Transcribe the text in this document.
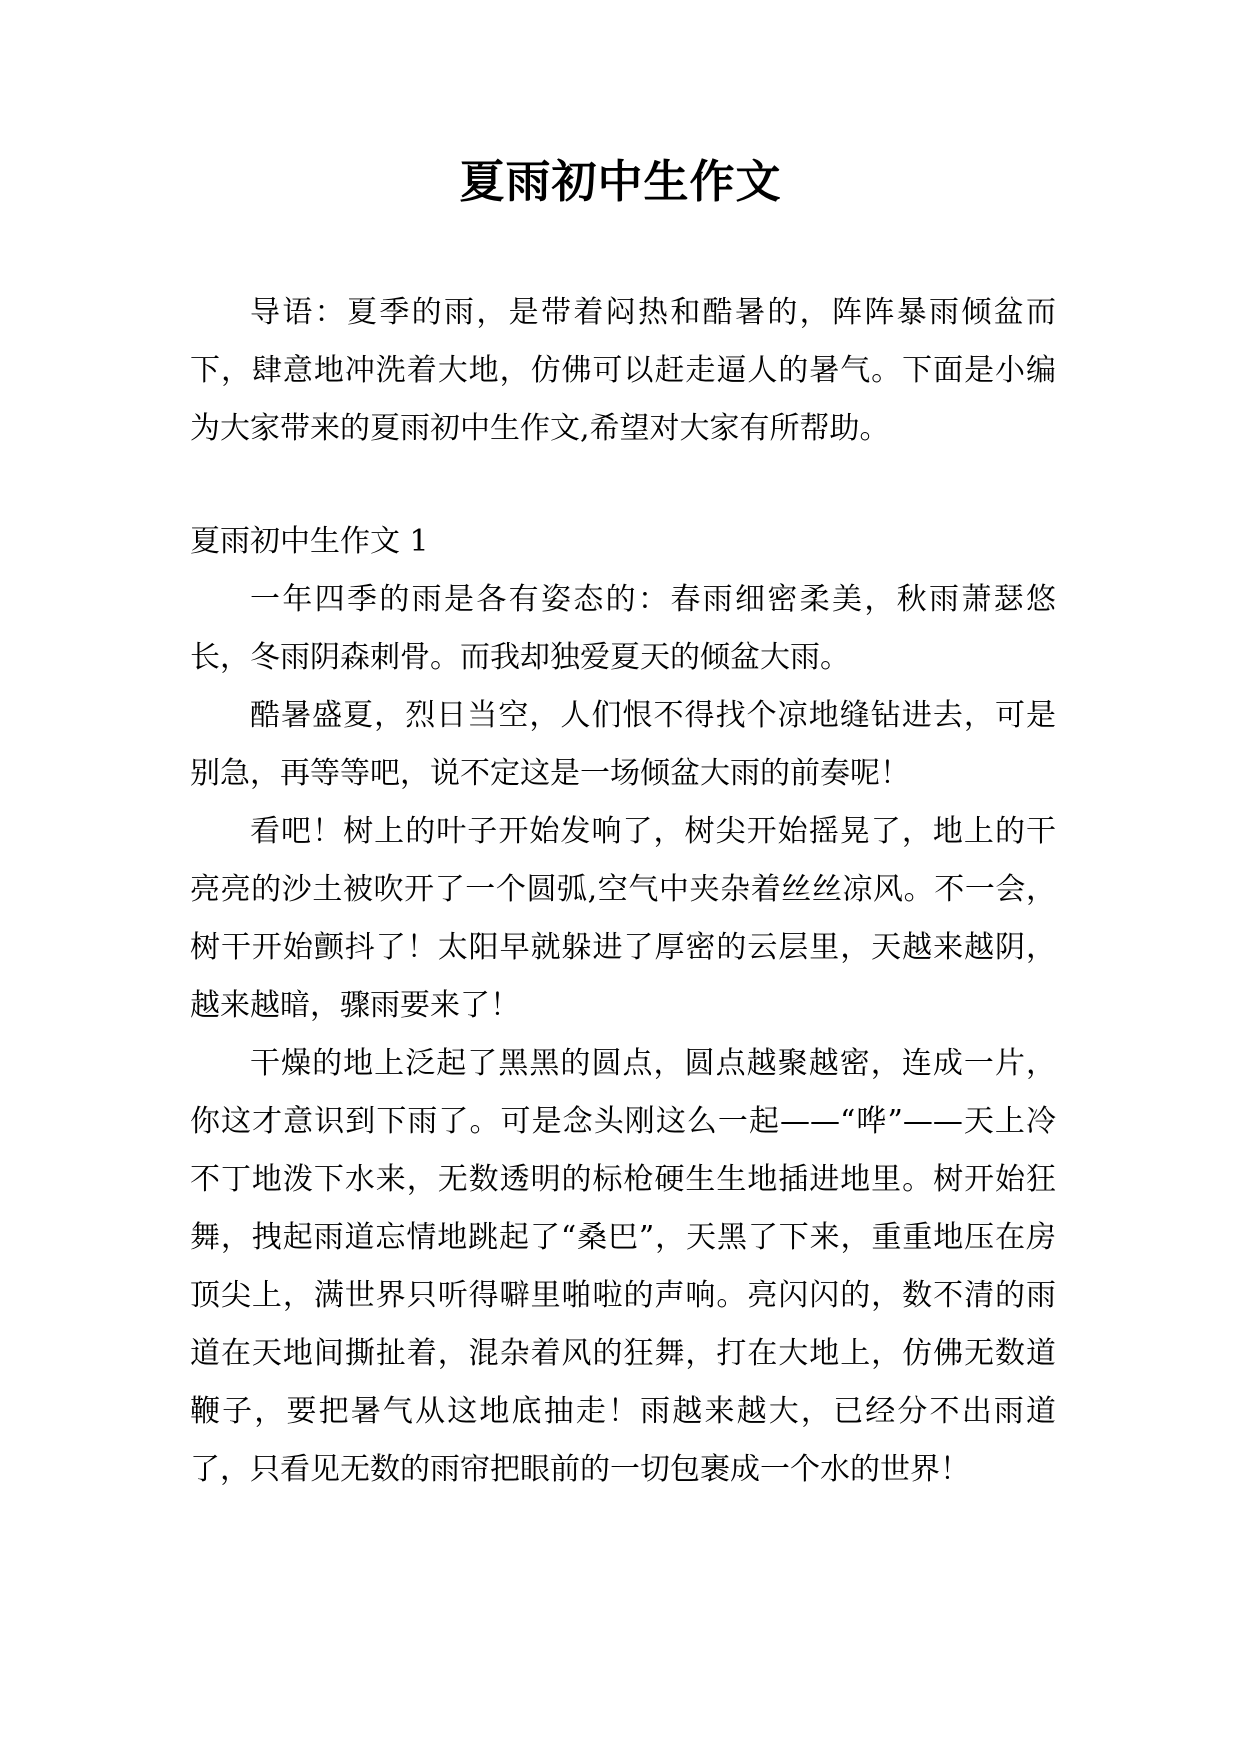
夏雨初中生作文

导语：夏季的雨，是带着闷热和酷暑的，阵阵暴雨倾盆而下，肆意地冲洗着大地，仿佛可以赶走逼人的暑气。下面是小编为大家带来的夏雨初中生作文,希望对大家有所帮助。

夏雨初中生作文 1

一年四季的雨是各有姿态的：春雨细密柔美，秋雨萧瑟悠长，冬雨阴森刺骨。而我却独爱夏天的倾盆大雨。

酷暑盛夏，烈日当空，人们恨不得找个凉地缝钻进去，可是别急，再等等吧，说不定这是一场倾盆大雨的前奏呢！

看吧！树上的叶子开始发响了，树尖开始摇晃了，地上的干亮亮的沙土被吹开了一个圆弧,空气中夹杂着丝丝凉风。不一会，树干开始颤抖了！太阳早就躲进了厚密的云层里，天越来越阴，越来越暗，骤雨要来了！

干燥的地上泛起了黑黑的圆点，圆点越聚越密，连成一片，你这才意识到下雨了。可是念头刚这么一起——“哗”——天上冷不丁地泼下水来，无数透明的标枪硬生生地插进地里。树开始狂舞，拽起雨道忘情地跳起了“桑巴”，天黑了下来，重重地压在房顶尖上，满世界只听得噼里啪啦的声响。亮闪闪的，数不清的雨道在天地间撕扯着，混杂着风的狂舞，打在大地上，仿佛无数道鞭子，要把暑气从这地底抽走！雨越来越大，已经分不出雨道了，只看见无数的雨帘把眼前的一切包裹成一个水的世界！
